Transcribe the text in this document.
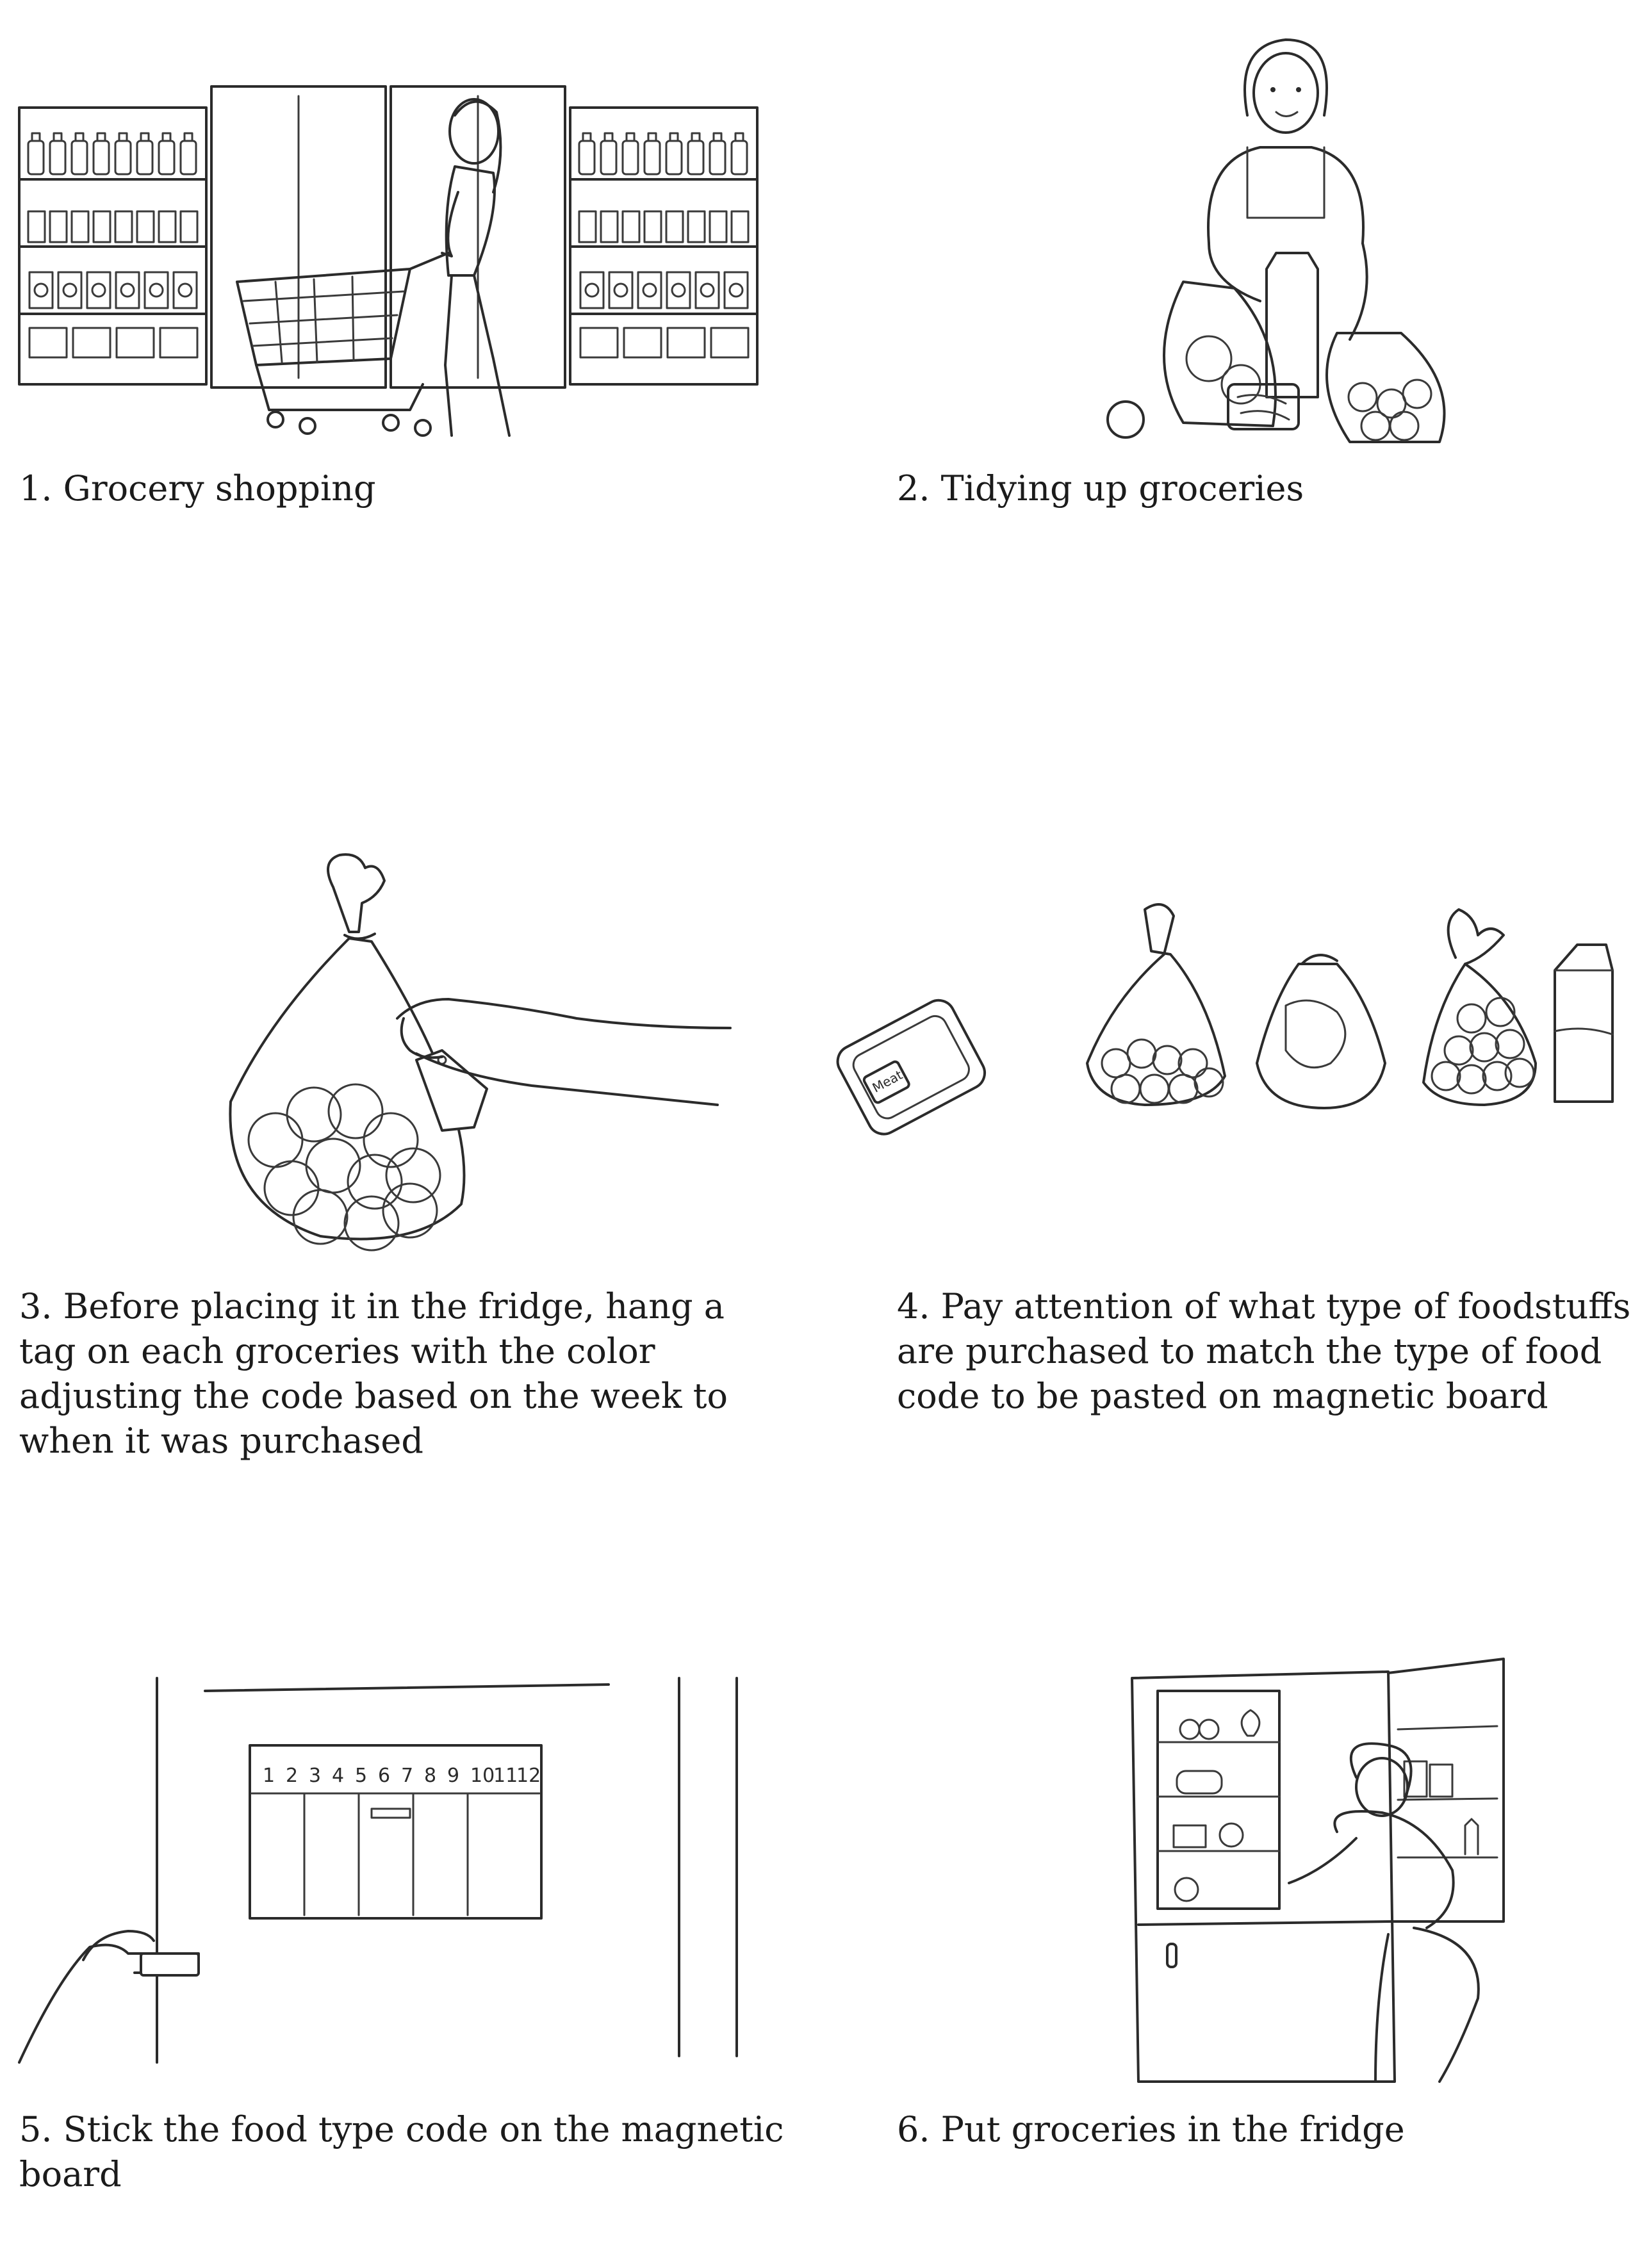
1. Grocery shopping	2. Tidying up groceries
3. Before placing it in the fridge, hang a tag on each groceries with the color adjusting the code based on the week to when it was purchased
Meat
4. Pay attention of what type of foodstuffs are purchased to match the type of food code to be pasted on magnetic board
1 2 3 4 5 6 7 8 9 10
11
12
5. Stick the food type code on the magnetic board
6. Put groceries in the fridge
